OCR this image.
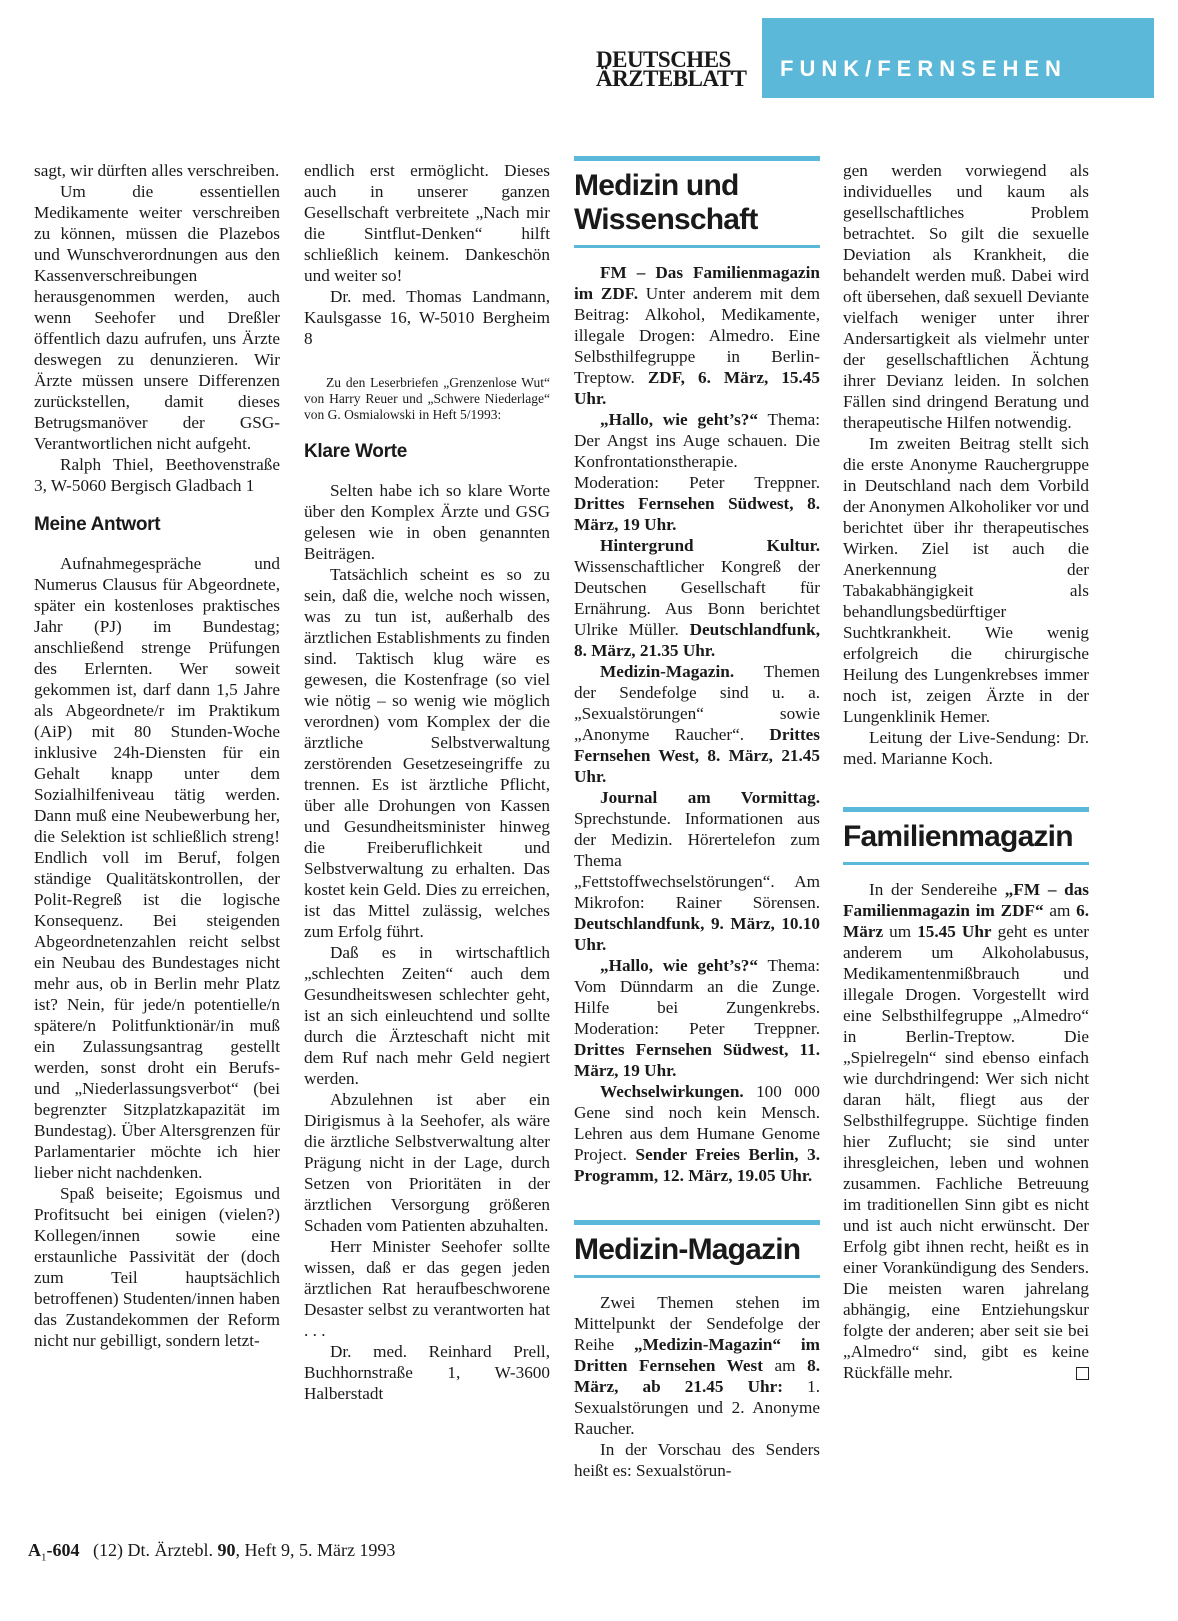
DEUTSCHES
ÄRZTEBLATT FUNK/FERNSEHEN

sagt, wir dürften alles verschreiben.

Um die essentiellen Medikamente weiter verschreiben zu können, müssen die Plazebos und Wunschverordnungen aus den Kassenverschreibungen herausgenommen werden, auch wenn Seehofer und Dreßler öffentlich dazu aufrufen, uns Ärzte deswegen zu denunzieren. Wir Ärzte müssen unsere Differenzen zurückstellen, damit dieses Betrugsmanöver der GSG-Verantwortlichen nicht aufgeht.

Ralph Thiel, Beethovenstraße 3, W-5060 Bergisch Gladbach 1

Meine Antwort

Aufnahmegespräche und Numerus Clausus für Abgeordnete, später ein kostenloses praktisches Jahr (PJ) im Bundestag; anschließend strenge Prüfungen des Erlernten. Wer soweit gekommen ist, darf dann 1,5 Jahre als Abgeordnete/r im Praktikum (AiP) mit 80 Stunden-Woche inklusive 24h-Diensten für ein Gehalt knapp unter dem Sozialhilfeniveau tätig werden. Dann muß eine Neubewerbung her, die Selektion ist schließlich streng! Endlich voll im Beruf, folgen ständige Qualitätskontrollen, der Polit-Regreß ist die logische Konsequenz. Bei steigenden Abgeordnetenzahlen reicht selbst ein Neubau des Bundestages nicht mehr aus, ob in Berlin mehr Platz ist? Nein, für jede/n potentielle/n spätere/n Politfunktionär/in muß ein Zulassungsantrag gestellt werden, sonst droht ein Berufs- und „Niederlassungsverbot“ (bei begrenzter Sitzplatzkapazität im Bundestag). Über Altersgrenzen für Parlamentarier möchte ich hier lieber nicht nachdenken.

Spaß beiseite; Egoismus und Profitsucht bei einigen (vielen?) Kollegen/innen sowie eine erstaunliche Passivität der (doch zum Teil hauptsächlich betroffenen) Studenten/innen haben das Zustandekommen der Reform nicht nur gebilligt, sondern letzt-

endlich erst ermöglicht. Dieses auch in unserer ganzen Gesellschaft verbreitete „Nach mir die Sintflut-Denken“ hilft schließlich keinem. Dankeschön und weiter so!

Dr. med. Thomas Landmann, Kaulsgasse 16, W-5010 Bergheim 8

Zu den Leserbriefen „Grenzenlose Wut“ von Harry Reuer und „Schwere Niederlage“ von G. Osmialowski in Heft 5/1993:

Klare Worte

Selten habe ich so klare Worte über den Komplex Ärzte und GSG gelesen wie in oben genannten Beiträgen.

Tatsächlich scheint es so zu sein, daß die, welche noch wissen, was zu tun ist, außerhalb des ärztlichen Establishments zu finden sind. Taktisch klug wäre es gewesen, die Kostenfrage (so viel wie nötig – so wenig wie möglich verordnen) vom Komplex der die ärztliche Selbstverwaltung zerstörenden Gesetzeseingriffe zu trennen. Es ist ärztliche Pflicht, über alle Drohungen von Kassen und Gesundheitsminister hinweg die Freiberuflichkeit und Selbstverwaltung zu erhalten. Das kostet kein Geld. Dies zu erreichen, ist das Mittel zulässig, welches zum Erfolg führt.

Daß es in wirtschaftlich „schlechten Zeiten“ auch dem Gesundheitswesen schlechter geht, ist an sich einleuchtend und sollte durch die Ärzteschaft nicht mit dem Ruf nach mehr Geld negiert werden.

Abzulehnen ist aber ein Dirigismus à la Seehofer, als wäre die ärztliche Selbstverwaltung alter Prägung nicht in der Lage, durch Setzen von Prioritäten in der ärztlichen Versorgung größeren Schaden vom Patienten abzuhalten.

Herr Minister Seehofer sollte wissen, daß er das gegen jeden ärztlichen Rat heraufbeschworene Desaster selbst zu verantworten hat . . .

Dr. med. Reinhard Prell, Buchhornstraße 1, W-3600 Halberstadt

Medizin und Wissenschaft

FM – Das Familienmagazin im ZDF. Unter anderem mit dem Beitrag: Alkohol, Medikamente, illegale Drogen: Almedro. Eine Selbsthilfegruppe in Berlin-Treptow. ZDF, 6. März, 15.45 Uhr.

„Hallo, wie geht’s?“ Thema: Der Angst ins Auge schauen. Die Konfrontationstherapie. Moderation: Peter Treppner. Drittes Fernsehen Südwest, 8. März, 19 Uhr.

Hintergrund Kultur. Wissenschaftlicher Kongreß der Deutschen Gesellschaft für Ernährung. Aus Bonn berichtet Ulrike Müller. Deutschlandfunk, 8. März, 21.35 Uhr.

Medizin-Magazin. Themen der Sendefolge sind u. a. „Sexualstörungen“ sowie „Anonyme Raucher“. Drittes Fernsehen West, 8. März, 21.45 Uhr.

Journal am Vormittag. Sprechstunde. Informationen aus der Medizin. Hörertelefon zum Thema „Fettstoffwechselstörungen“. Am Mikrofon: Rainer Sörensen. Deutschlandfunk, 9. März, 10.10 Uhr.

„Hallo, wie geht’s?“ Thema: Vom Dünndarm an die Zunge. Hilfe bei Zungenkrebs. Moderation: Peter Treppner. Drittes Fernsehen Südwest, 11. März, 19 Uhr.

Wechselwirkungen. 100 000 Gene sind noch kein Mensch. Lehren aus dem Humane Genome Project. Sender Freies Berlin, 3. Programm, 12. März, 19.05 Uhr.

Medizin-Magazin

Zwei Themen stehen im Mittelpunkt der Sendefolge der Reihe „Medizin-Magazin“ im Dritten Fernsehen West am 8. März, ab 21.45 Uhr: 1. Sexualstörungen und 2. Anonyme Raucher.

In der Vorschau des Senders heißt es: Sexualstörun-

gen werden vorwiegend als individuelles und kaum als gesellschaftliches Problem betrachtet. So gilt die sexuelle Deviation als Krankheit, die behandelt werden muß. Dabei wird oft übersehen, daß sexuell Deviante vielfach weniger unter ihrer Andersartigkeit als vielmehr unter der gesellschaftlichen Ächtung ihrer Devianz leiden. In solchen Fällen sind dringend Beratung und therapeutische Hilfen notwendig.

Im zweiten Beitrag stellt sich die erste Anonyme Rauchergruppe in Deutschland nach dem Vorbild der Anonymen Alkoholiker vor und berichtet über ihr therapeutisches Wirken. Ziel ist auch die Anerkennung der Tabakabhängigkeit als behandlungsbedürftiger Suchtkrankheit. Wie wenig erfolgreich die chirurgische Heilung des Lungenkrebses immer noch ist, zeigen Ärzte in der Lungenklinik Hemer.

Leitung der Live-Sendung: Dr. med. Marianne Koch.

Familienmagazin

In der Sendereihe „FM – das Familienmagazin im ZDF“ am 6. März um 15.45 Uhr geht es unter anderem um Alkoholabusus, Medikamentenmißbrauch und illegale Drogen. Vorgestellt wird eine Selbsthilfegruppe „Almedro“ in Berlin-Treptow. Die „Spielregeln“ sind ebenso einfach wie durchdringend: Wer sich nicht daran hält, fliegt aus der Selbsthilfegruppe. Süchtige finden hier Zuflucht; sie sind unter ihresgleichen, leben und wohnen zusammen. Fachliche Betreuung im traditionellen Sinn gibt es nicht und ist auch nicht erwünscht. Der Erfolg gibt ihnen recht, heißt es in einer Vorankündigung des Senders. Die meisten waren jahrelang abhängig, eine Entziehungskur folgte der anderen; aber seit sie bei „Almedro“ sind, gibt es keine Rückfälle mehr.

$A_1-604$ (12) Dt. Ärztebl. 90, Heft 9, 5. März 1993
